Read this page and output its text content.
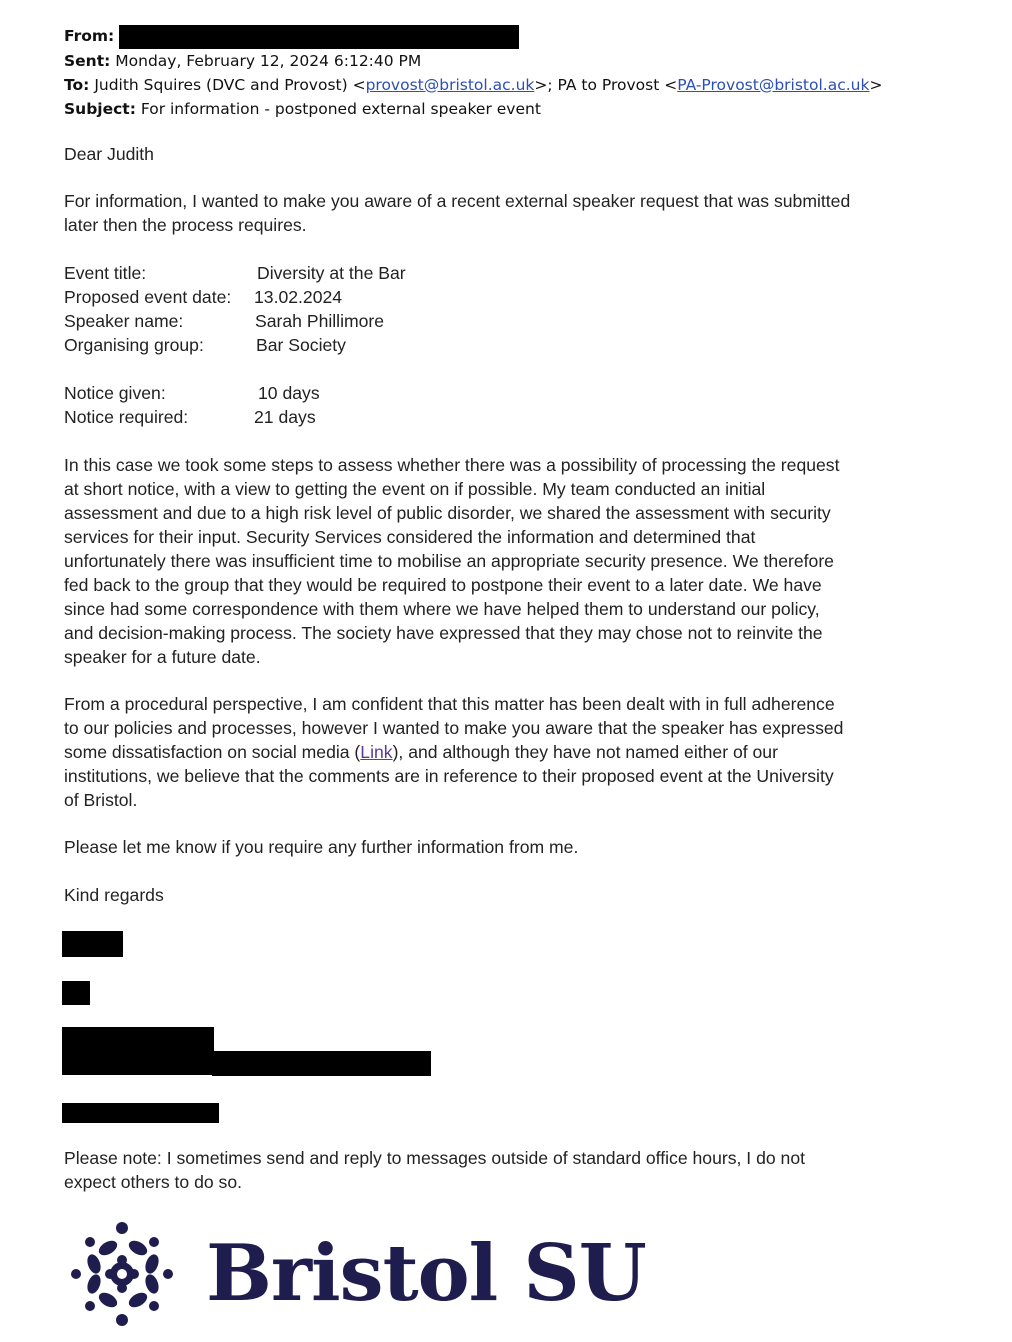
From:
Sent: Monday, February 12, 2024 6:12:40 PM
To: Judith Squires (DVC and Provost) <provost@bristol.ac.uk>; PA to Provost <PA-Provost@bristol.ac.uk>
Subject: For information - postponed external speaker event

Dear Judith

For information, I wanted to make you aware of a recent external speaker request that was submitted

later then the process requires.

Event title:	Diversity at the Bar
Proposed event date: 13.02.2024
Speaker name:	Sarah Phillimore
Organising group:	Bar Society
Notice given:	10 days
Notice required:	21 days

In this case we took some steps to assess whether there was a possibility of processing the request

at short notice, with a view to getting the event on if possible. My team conducted an initial

assessment and due to a high risk level of public disorder, we shared the assessment with security

services for their input. Security Services considered the information and determined that

unfortunately there was insufficient time to mobilise an appropriate security presence. We therefore

fed back to the group that they would be required to postpone their event to a later date. We have

since had some correspondence with them where we have helped them to understand our policy,

and decision-making process. The society have expressed that they may chose not to reinvite the

speaker for a future date.

From a procedural perspective, I am confident that this matter has been dealt with in full adherence

to our policies and processes, however I wanted to make you aware that the speaker has expressed

some dissatisfaction on social media (Link), and although they have not named either of our

institutions, we believe that the comments are in reference to their proposed event at the University

of Bristol.

Please let me know if you require any further information from me.

Kind regards

Please note: I sometimes send and reply to messages outside of standard office hours, I do not

expect others to do so.

Bristol SU
